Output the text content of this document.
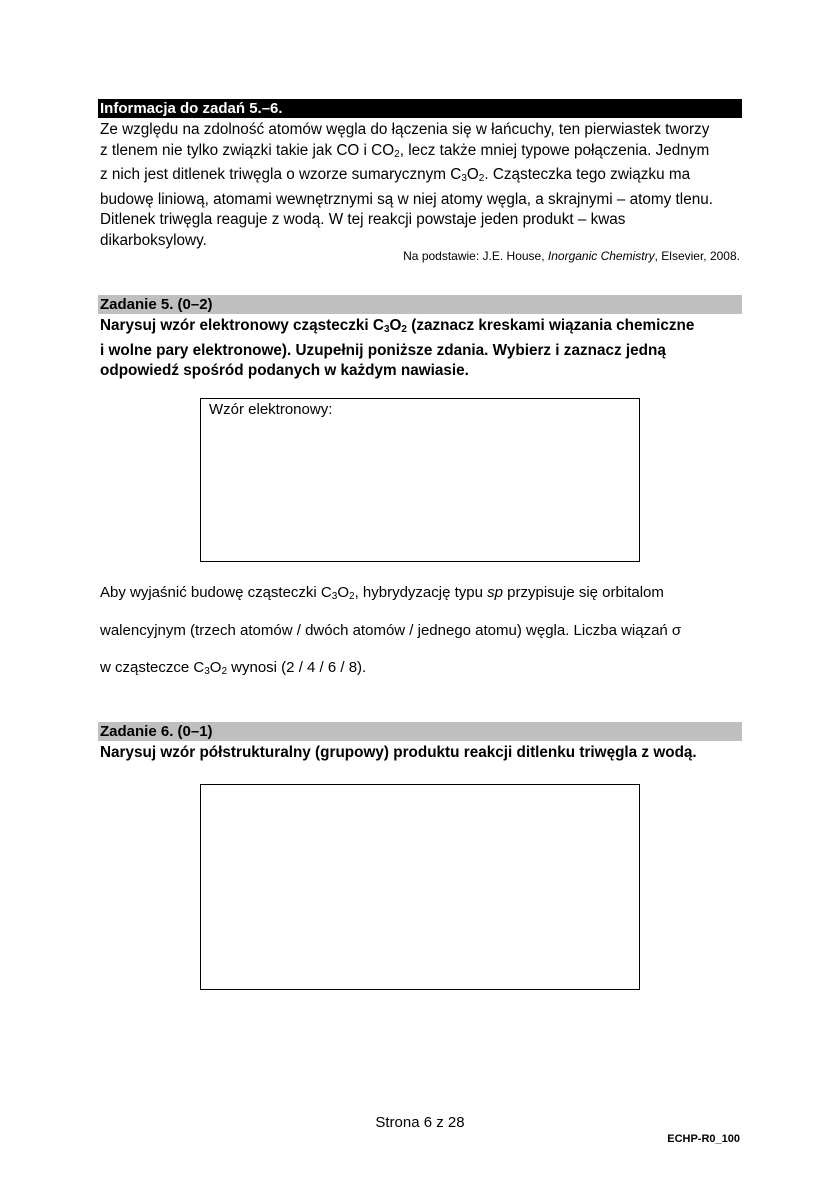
Informacja do zadań 5.–6.

Ze względu na zdolność atomów węgla do łączenia się w łańcuchy, ten pierwiastek tworzy

z tlenem nie tylko związki takie jak CO i $CO_2$, lecz także mniej typowe połączenia. Jednym

z nich jest ditlenek triwęgla o wzorze sumarycznym $C_3O_2$. Cząsteczka tego związku ma

budowę liniową, atomami wewnętrznymi są w niej atomy węgla, a skrajnymi – atomy tlenu.

Ditlenek triwęgla reaguje z wodą. W tej reakcji powstaje jeden produkt – kwas

dikarboksylowy.

Na podstawie: J.E. House, Inorganic Chemistry, Elsevier, 2008.
Zadanie 5. (0–2)

Narysuj wzór elektronowy cząsteczki $C_3O_2$ (zaznacz kreskami wiązania chemiczne

i wolne pary elektronowe). Uzupełnij poniższe zdania. Wybierz i zaznacz jedną

odpowiedź spośród podanych w każdym nawiasie.

Wzór elektronowy:
Aby wyjaśnić budowę cząsteczki $C_3O_2$, hybrydyzację typu sp przypisuje się orbitalom
walencyjnym (trzech atomów / dwóch atomów / jednego atomu) węgla. Liczba wiązań σ
w cząsteczce $C_3O_2$ wynosi (2 / 4 / 6 / 8).
Zadanie 6. (0–1)

Narysuj wzór półstrukturalny (grupowy) produktu reakcji ditlenku triwęgla z wodą.

Strona 6 z 28
ECHP-R0_100
